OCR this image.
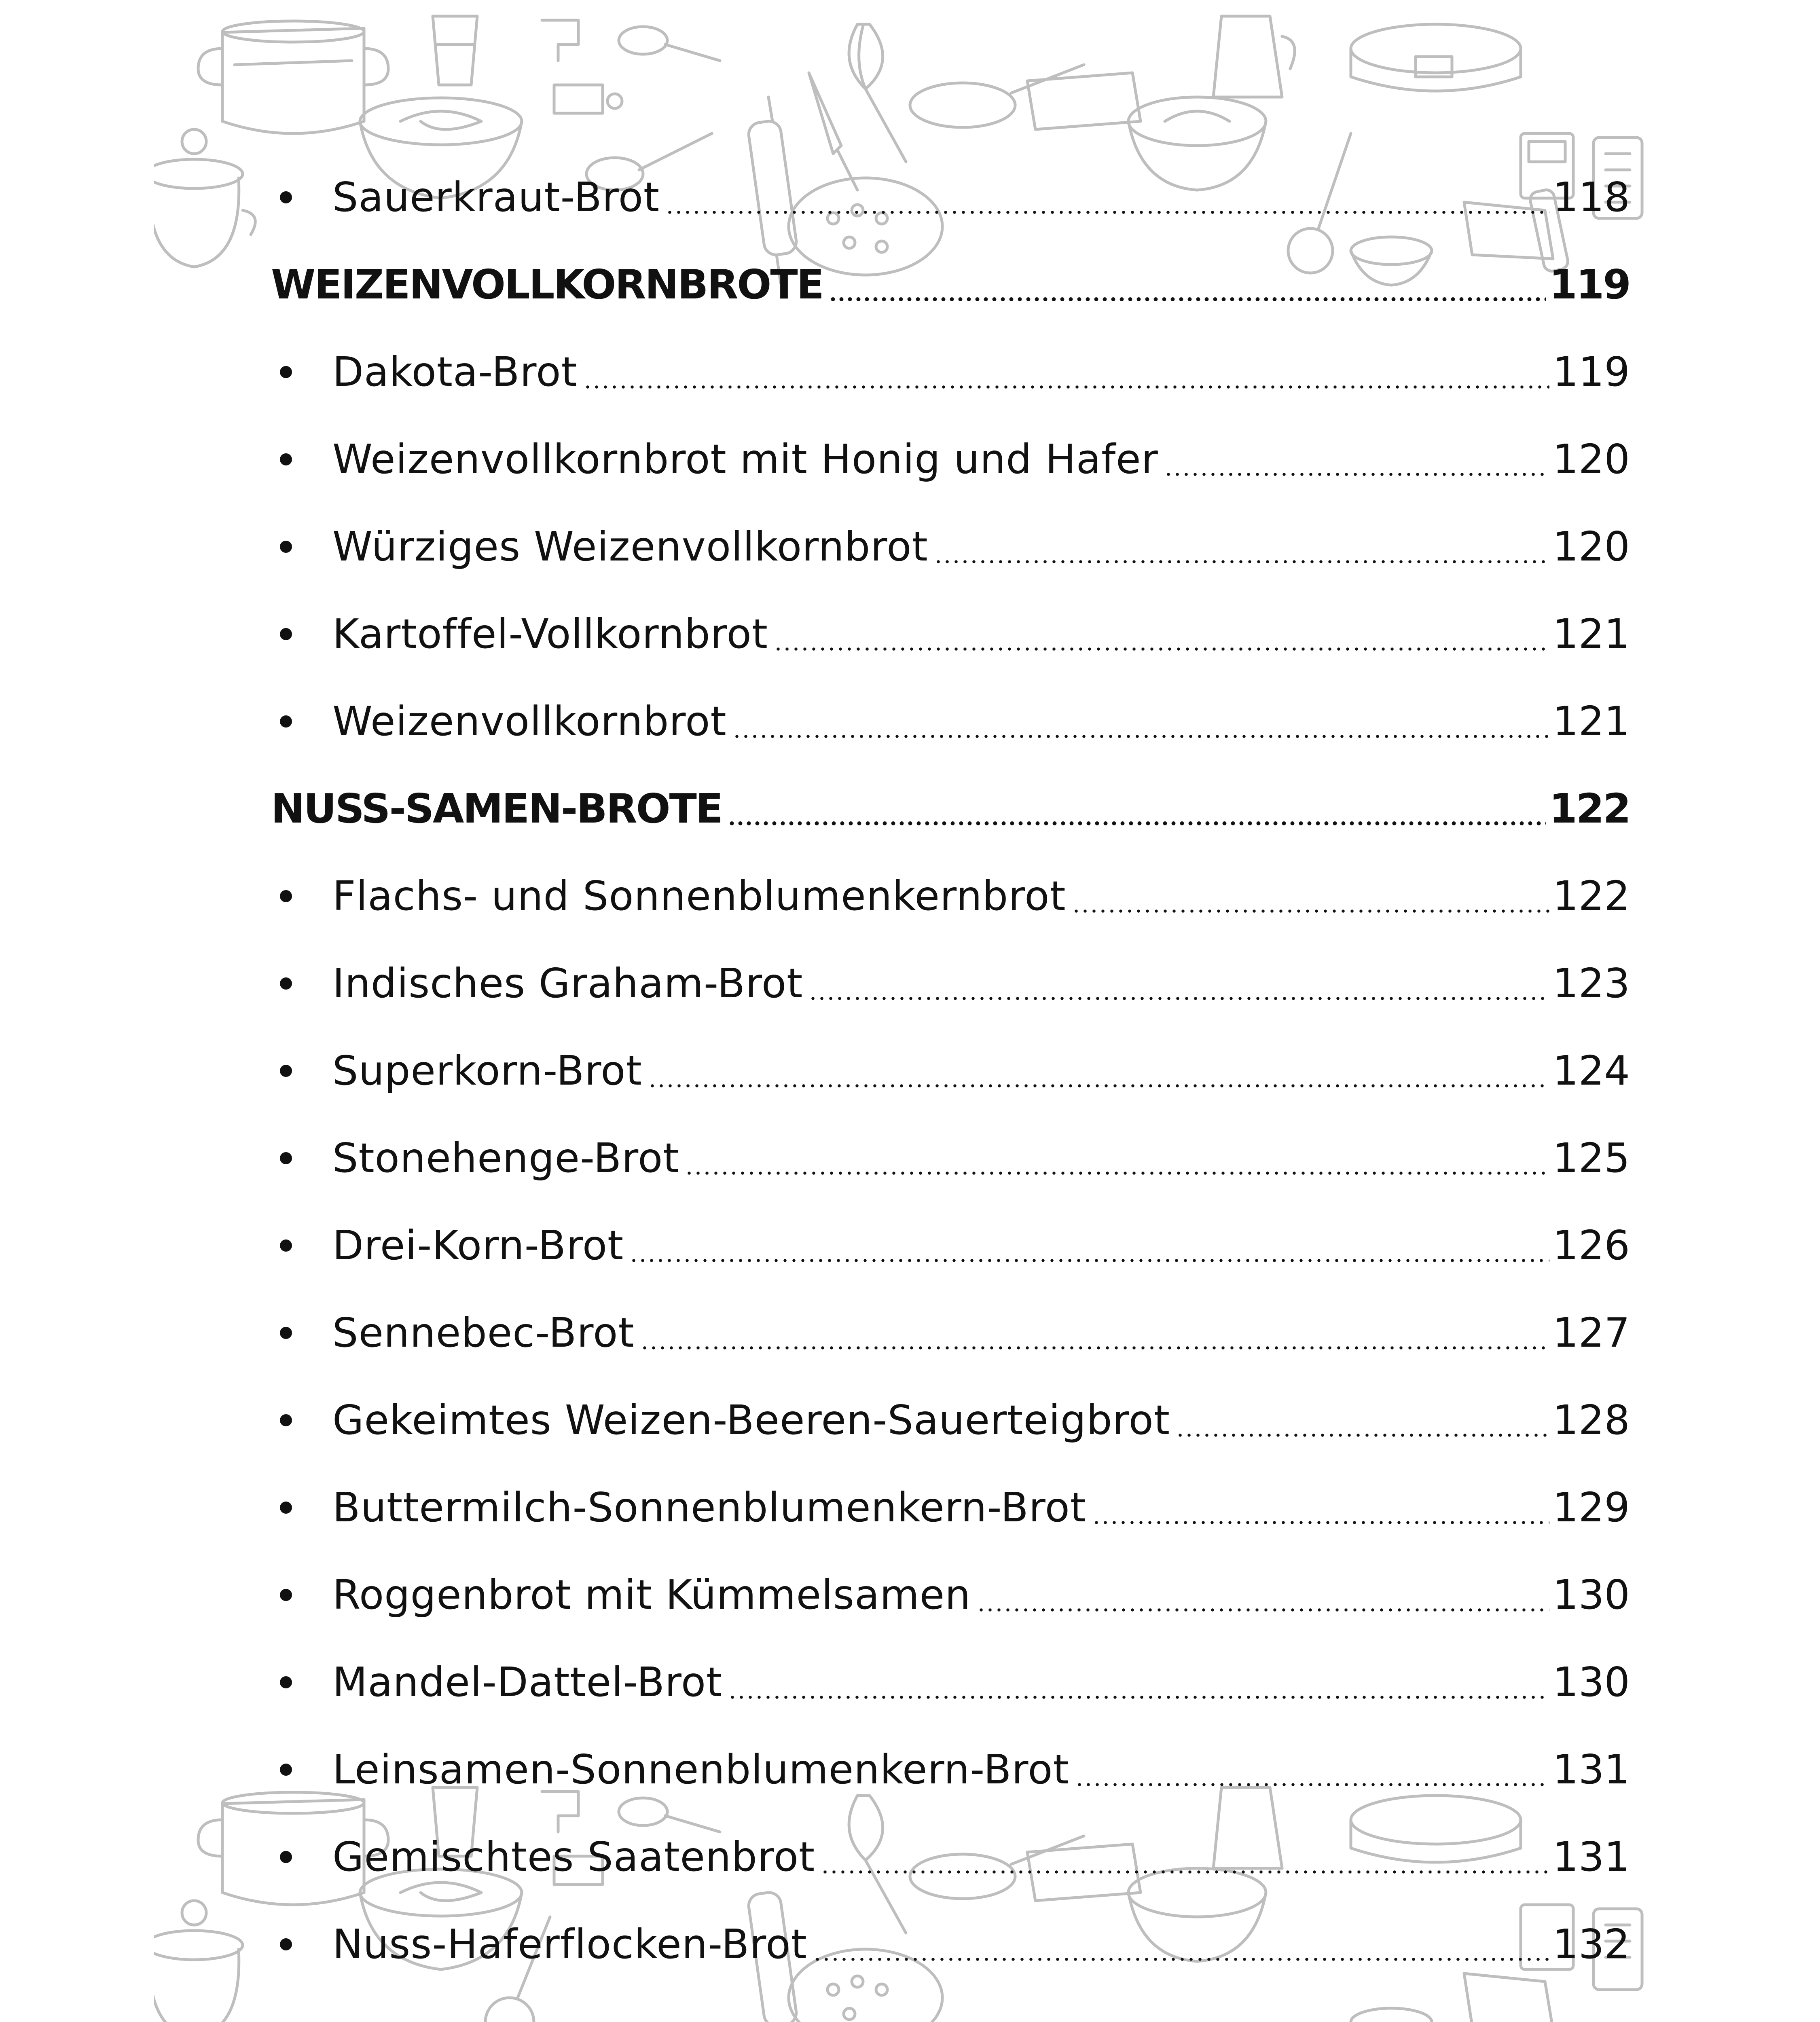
Sauerkraut-Brot	118
WEIZENVOLLKORNBROTE	119
Dakota-Brot	119
Weizenvollkornbrot mit Honig und Hafer	120
Würziges Weizenvollkornbrot	120
Kartoffel-Vollkornbrot	121
Weizenvollkornbrot	121
NUSS-SAMEN-BROTE	122
Flachs- und Sonnenblumenkernbrot	122
Indisches Graham-Brot	123
Superkorn-Brot	124
Stonehenge-Brot	125
Drei-Korn-Brot	126
Sennebec-Brot	127
Gekeimtes Weizen-Beeren-Sauerteigbrot	128
Buttermilch-Sonnenblumenkern-Brot	129
Roggenbrot mit Kümmelsamen	130
Mandel-Dattel-Brot	130
Leinsamen-Sonnenblumenkern-Brot	131
Gemischtes Saatenbrot	131
Nuss-Haferflocken-Brot	132
